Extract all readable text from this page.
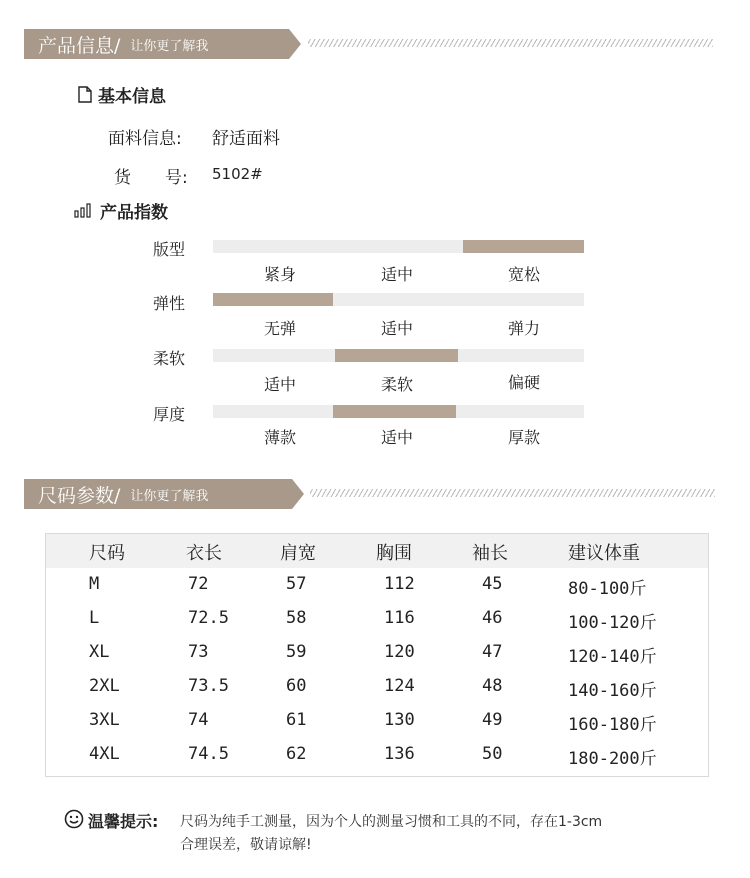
产品信息/ 让你更了解我
基本信息
面料信息: 舒适面料
货　　号: 5102#
产品指数
版型
紧身	适中	宽松
弹性
无弹	适中	弹力
柔软
适中	柔软	偏硬
厚度
薄款	适中	厚款
尺码参数/ 让你更了解我
尺码	衣长	肩宽	胸围	袖长	建议体重
M	72	57	112	45	80-100斤
L	72.5	58	116	46	100-120斤
XL	73	59	120	47	120-140斤
2XL	73.5	60	124	48	140-160斤
3XL	74	61	130	49	160-180斤
4XL	74.5	62	136	50	180-200斤
温馨提示: 尺码为纯手工测量，因为个人的测量习惯和工具的不同，存在1-3cm
合理误差，敬请谅解!
